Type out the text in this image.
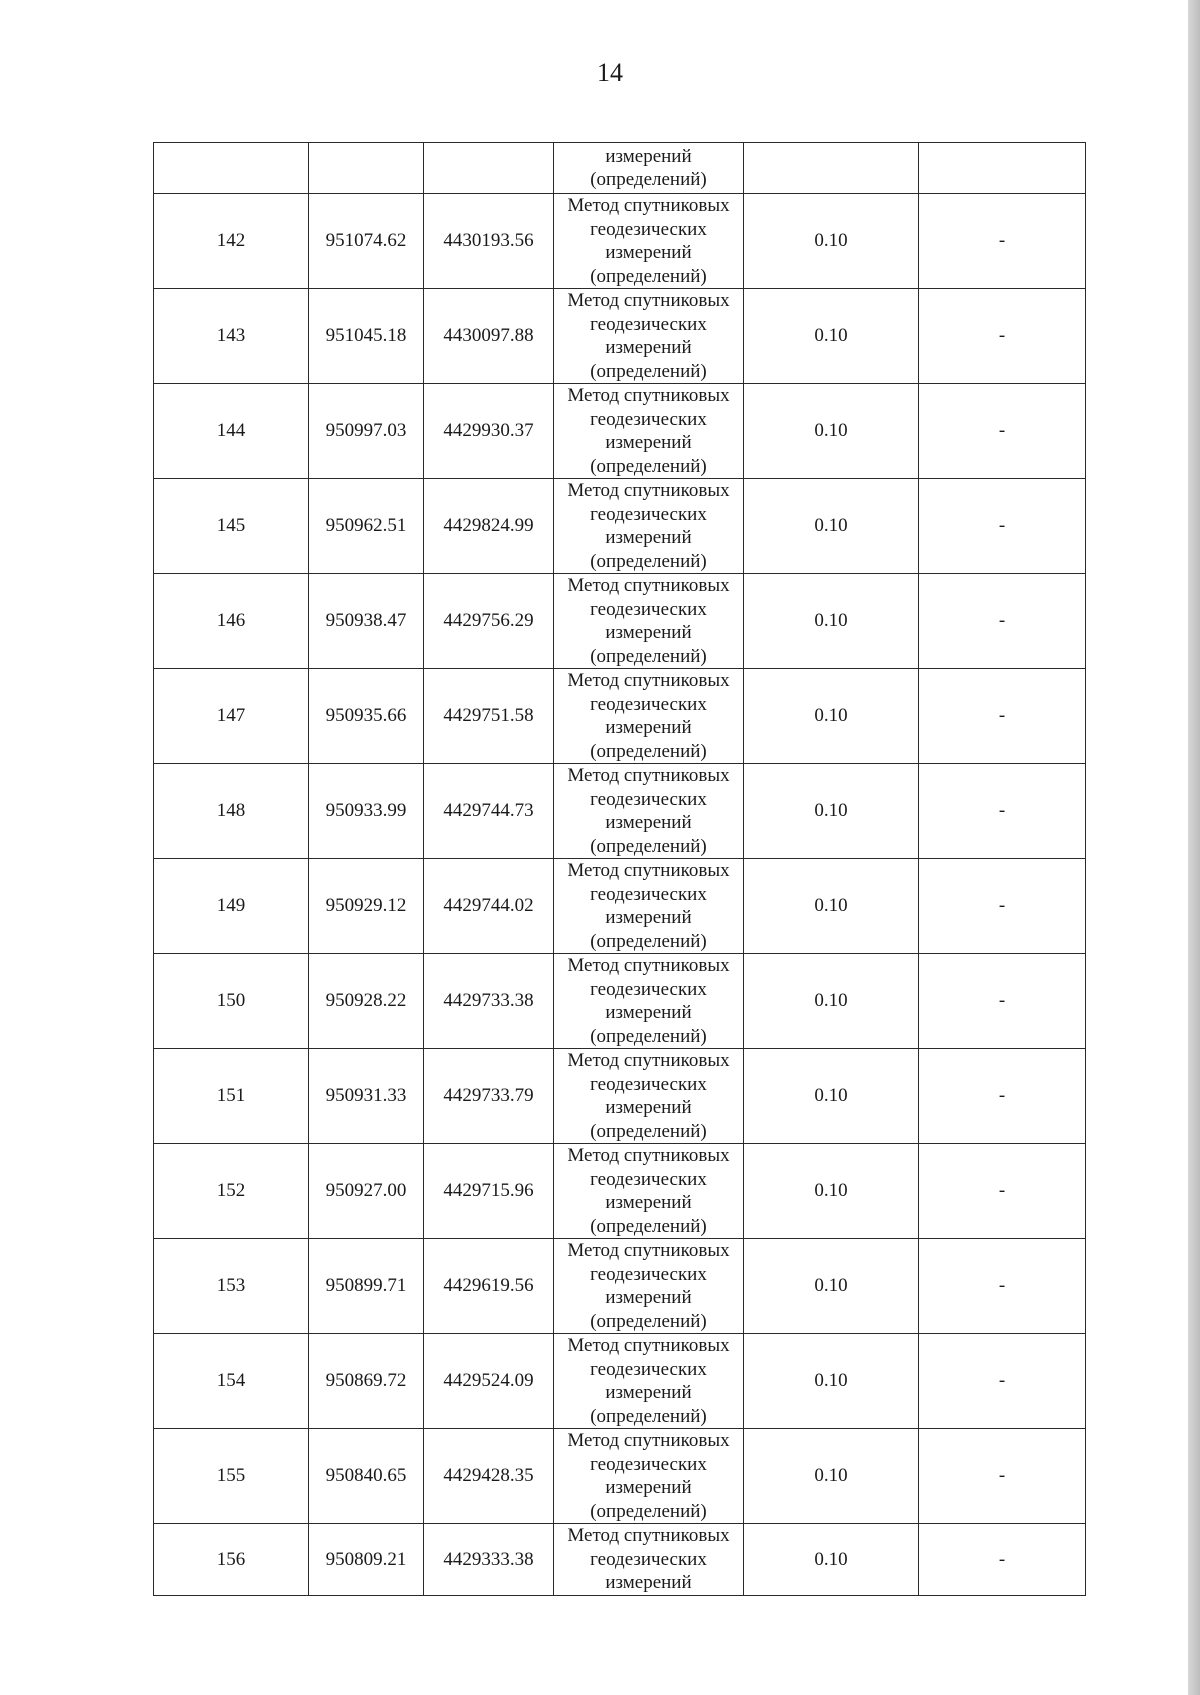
14

			измерений
(определений)		

142	951074.62	4430193.56	Метод спутниковых
геодезических
измерений
(определений)	0.10	-
143	951045.18	4430097.88	Метод спутниковых
геодезических
измерений
(определений)	0.10	-
144	950997.03	4429930.37	Метод спутниковых
геодезических
измерений
(определений)	0.10	-
145	950962.51	4429824.99	Метод спутниковых
геодезических
измерений
(определений)	0.10	-
146	950938.47	4429756.29	Метод спутниковых
геодезических
измерений
(определений)	0.10	-
147	950935.66	4429751.58	Метод спутниковых
геодезических
измерений
(определений)	0.10	-
148	950933.99	4429744.73	Метод спутниковых
геодезических
измерений
(определений)	0.10	-
149	950929.12	4429744.02	Метод спутниковых
геодезических
измерений
(определений)	0.10	-
150	950928.22	4429733.38	Метод спутниковых
геодезических
измерений
(определений)	0.10	-
151	950931.33	4429733.79	Метод спутниковых
геодезических
измерений
(определений)	0.10	-
152	950927.00	4429715.96	Метод спутниковых
геодезических
измерений
(определений)	0.10	-
153	950899.71	4429619.56	Метод спутниковых
геодезических
измерений
(определений)	0.10	-
154	950869.72	4429524.09	Метод спутниковых
геодезических
измерений
(определений)	0.10	-
155	950840.65	4429428.35	Метод спутниковых
геодезических
измерений
(определений)	0.10	-
156	950809.21	4429333.38	Метод спутниковых
геодезических
измерений	0.10	-
